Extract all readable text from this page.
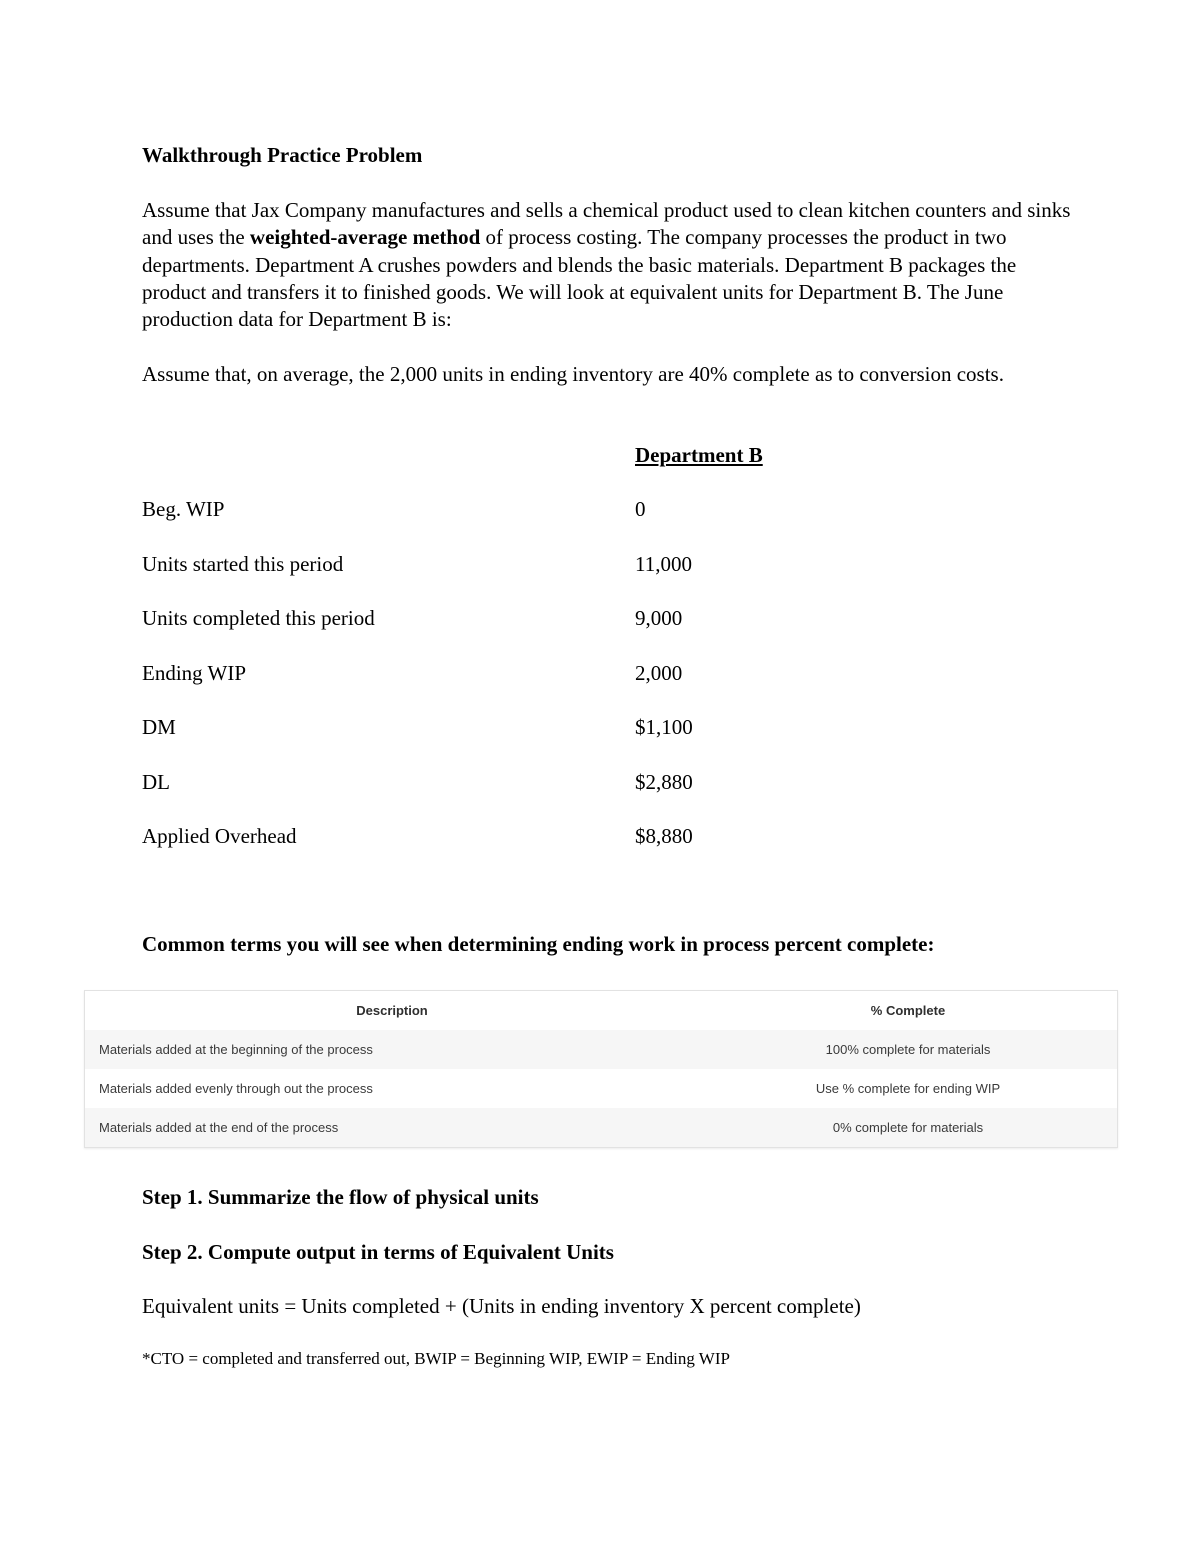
Walkthrough Practice Problem
Assume that Jax Company manufactures and sells a chemical product used to clean kitchen counters and sinks and uses the weighted-average method of process costing. The company processes the product in two departments. Department A crushes powders and blends the basic materials. Department B packages the product and transfers it to finished goods. We will look at equivalent units for Department B. The June production data for Department B is:
Assume that, on average, the 2,000 units in ending inventory are 40% complete as to conversion costs.
Department B
Beg. WIP	0
Units started this period	11,000
Units completed this period	9,000
Ending WIP	2,000
DM	$1,100
DL	$2,880
Applied Overhead	$8,880
Common terms you will see when determining ending work in process percent complete:
Description	% Complete
Materials added at the beginning of the process	100% complete for materials
Materials added evenly through out the process	Use % complete for ending WIP
Materials added at the end of the process	0% complete for materials
Step 1. Summarize the flow of physical units
Step 2. Compute output in terms of Equivalent Units
Equivalent units = Units completed + (Units in ending inventory X percent complete)
*CTO = completed and transferred out, BWIP = Beginning WIP, EWIP = Ending WIP
